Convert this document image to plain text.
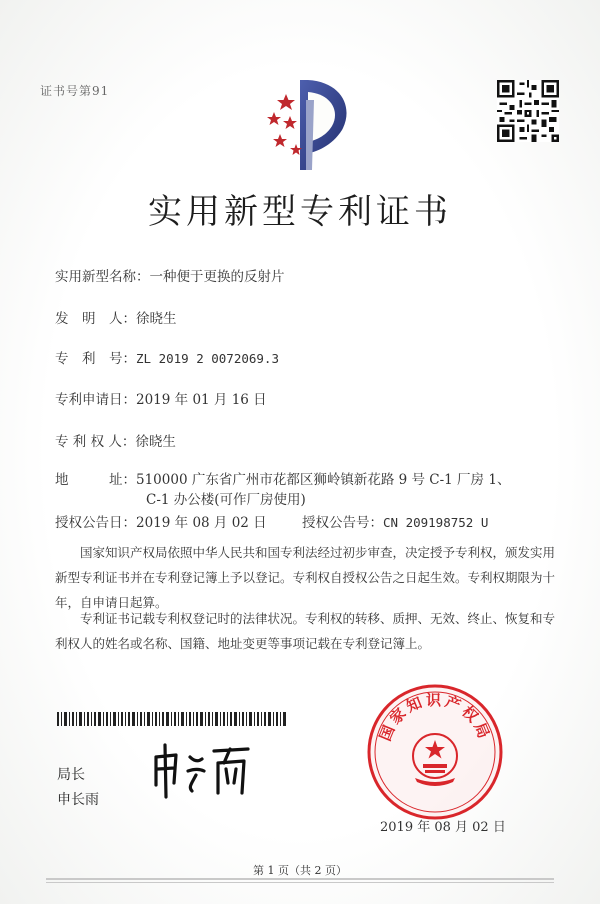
证书号第91
实用新型专利证书
实用新型名称：一种便于更换的反射片
发　明　人：徐晓生
专　利　号：ZL 2019 2 0072069.3
专利申请日：2019 年 01 月 16 日
专 利 权 人：徐晓生
地　　　址：510000 广东省广州市花都区狮岭镇新花路 9 号 C-1 厂房 1、
C-1 办公楼(可作厂房使用)
授权公告日：2019 年 08 月 02 日	授权公告号：CN 209198752 U
国家知识产权局依照中华人民共和国专利法经过初步审查，决定授予专利权，颁发实用新型专利证书并在专利登记簿上予以登记。专利权自授权公告之日起生效。专利权期限为十年，自申请日起算。
专利证书记载专利权登记时的法律状况。专利权的转移、质押、无效、终止、恢复和专利权人的姓名或名称、国籍、地址变更等事项记载在专利登记簿上。
局长
申长雨
国家知识产权局
2019 年 08 月 02 日
第 1 页（共 2 页）
